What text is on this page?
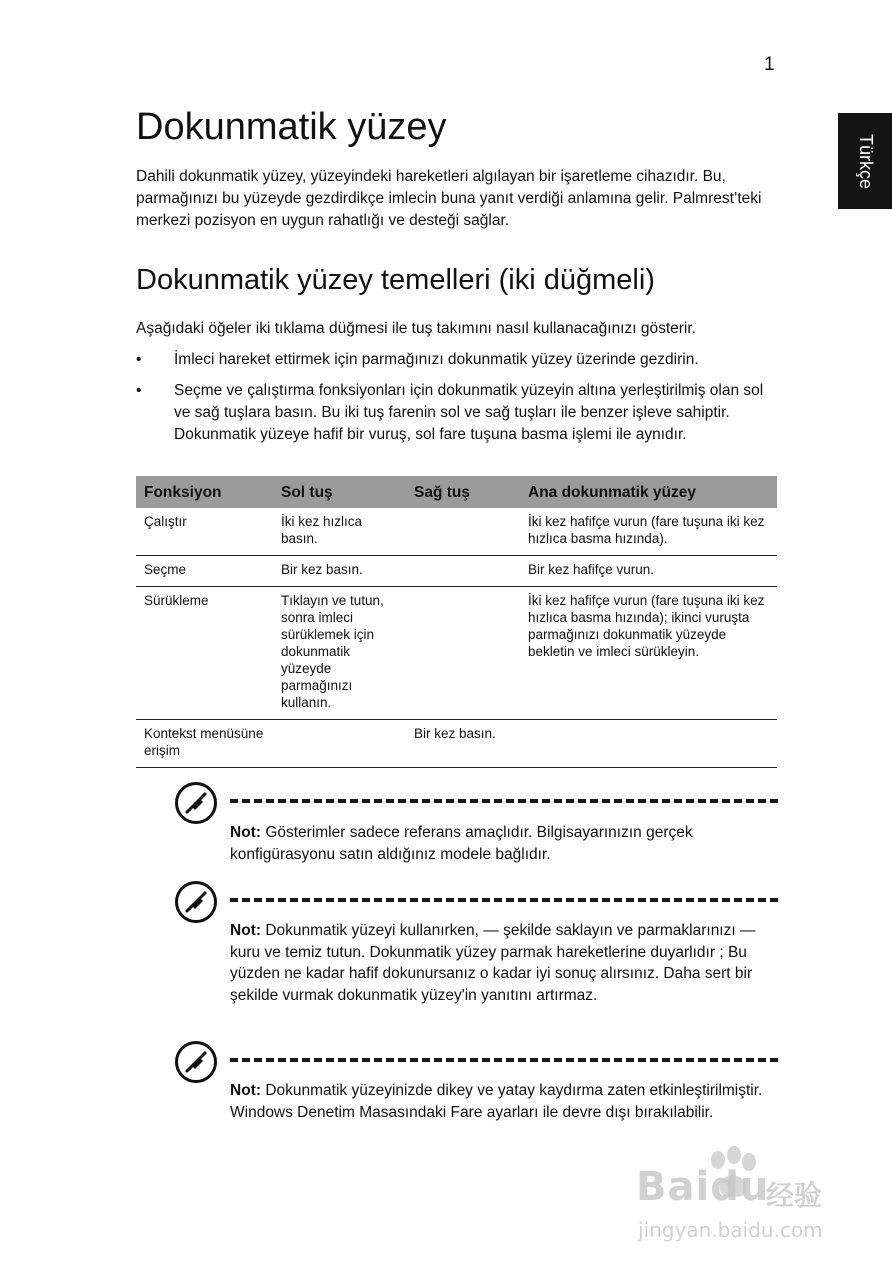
1
Türkçe
Dokunmatik yüzey

Dahili dokunmatik yüzey, yüzeyindeki hareketleri algılayan bir işaretleme cihazıdır. Bu, parmağınızı bu yüzeyde gezdirdikçe imlecin buna yanıt verdiği anlamına gelir. Palmrest’teki merkezi pozisyon en uygun rahatlığı ve desteği sağlar.

Dokunmatik yüzey temelleri (iki düğmeli)

Aşağıdaki öğeler iki tıklama düğmesi ile tuş takımını nasıl kullanacağınızı gösterir.

• İmleci hareket ettirmek için parmağınızı dokunmatik yüzey üzerinde gezdirin.
• Seçme ve çalıştırma fonksiyonları için dokunmatik yüzeyin altına yerleştirilmiş olan sol ve sağ tuşlara basın. Bu iki tuş farenin sol ve sağ tuşları ile benzer işleve sahiptir. Dokunmatik yüzeye hafif bir vuruş, sol fare tuşuna basma işlemi ile aynıdır.
Fonksiyon	Sol tuş	Sağ tuş	Ana dokunmatik yüzey
Çalıştır	İki kez hızlıca basın.		İki kez hafifçe vurun (fare tuşuna iki kez hızlıca basma hızında).
Seçme	Bir kez basın.		Bir kez hafifçe vurun.
Sürükleme	Tıklayın ve tutun, sonra imleci sürüklemek için dokunmatik yüzeyde parmağınızı kullanın.		İki kez hafifçe vurun (fare tuşuna iki kez hızlıca basma hızında); ikinci vuruşta parmağınızı dokunmatik yüzeyde bekletin ve imleci sürükleyin.
Kontekst menüsüne erişim		Bir kez basın.	

Not: Gösterimler sadece referans amaçlıdır. Bilgisayarınızın gerçek konfigürasyonu satın aldığınız modele bağlıdır.

Not: Dokunmatik yüzeyi kullanırken, — şekilde saklayın ve parmaklarınızı — kuru ve temiz tutun. Dokunmatik yüzey parmak hareketlerine duyarlıdır ; Bu yüzden ne kadar hafif dokunursanız o kadar iyi sonuç alırsınız. Daha sert bir şekilde vurmak dokunmatik yüzey'in yanıtını artırmaz.

Not: Dokunmatik yüzeyinizde dikey ve yatay kaydırma zaten etkinleştirilmiştir. Windows Denetim Masasındaki Fare ayarları ile devre dışı bırakılabilir.

Baidu
经验
jingyan.baidu.com
